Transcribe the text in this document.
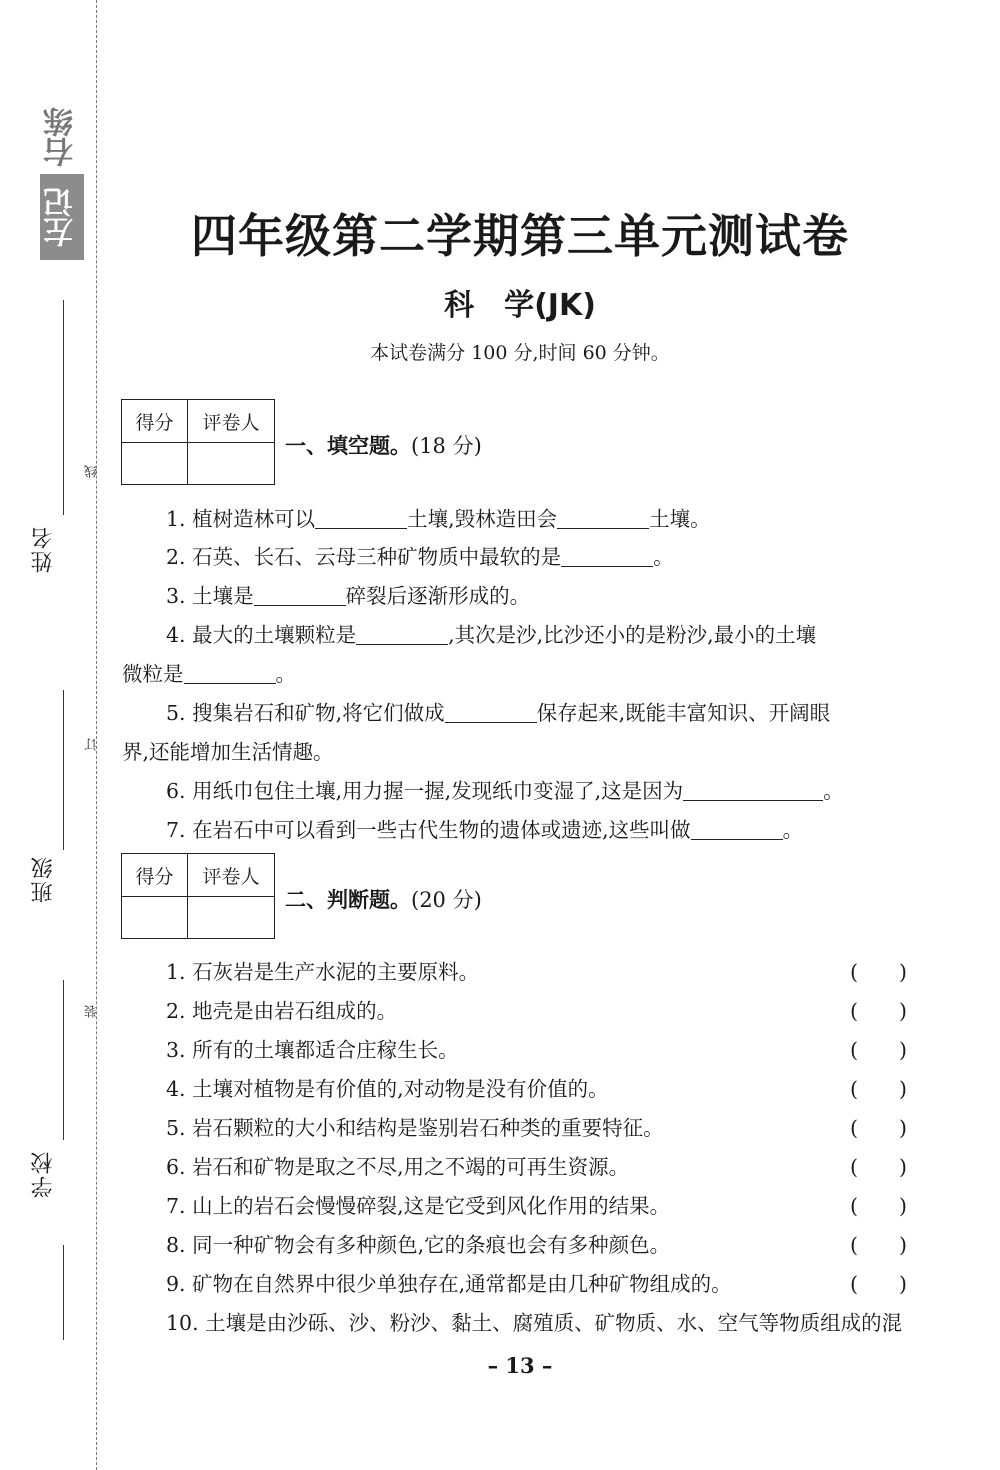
右练
左记
姓名
班级
学校
线
订
装
四年级第二学期第三单元测试卷
科　学(JK)
本试卷满分 100 分,时间 60 分钟。
得分	评卷人
一、填空题。(18 分)
1. 植树造林可以	土壤,毁林造田会	土壤。
2. 石英、长石、云母三种矿物质中最软的是	。
3. 土壤是	碎裂后逐渐形成的。
4. 最大的土壤颗粒是	,其次是沙,比沙还小的是粉沙,最小的土壤
微粒是	。
5. 搜集岩石和矿物,将它们做成	保存起来,既能丰富知识、开阔眼
界,还能增加生活情趣。
6. 用纸巾包住土壤,用力握一握,发现纸巾变湿了,这是因为	。
7. 在岩石中可以看到一些古代生物的遗体或遗迹,这些叫做	。
得分	评卷人
二、判断题。(20 分)
1. 石灰岩是生产水泥的主要原料。	(　　)
2. 地壳是由岩石组成的。	(　　)
3. 所有的土壤都适合庄稼生长。	(　　)
4. 土壤对植物是有价值的,对动物是没有价值的。	(　　)
5. 岩石颗粒的大小和结构是鉴别岩石种类的重要特征。	(　　)
6. 岩石和矿物是取之不尽,用之不竭的可再生资源。	(　　)
7. 山上的岩石会慢慢碎裂,这是它受到风化作用的结果。	(　　)
8. 同一种矿物会有多种颜色,它的条痕也会有多种颜色。	(　　)
9. 矿物在自然界中很少单独存在,通常都是由几种矿物组成的。	(　　)
10. 土壤是由沙砾、沙、粉沙、黏土、腐殖质、矿物质、水、空气等物质组成的混
– 13 –
